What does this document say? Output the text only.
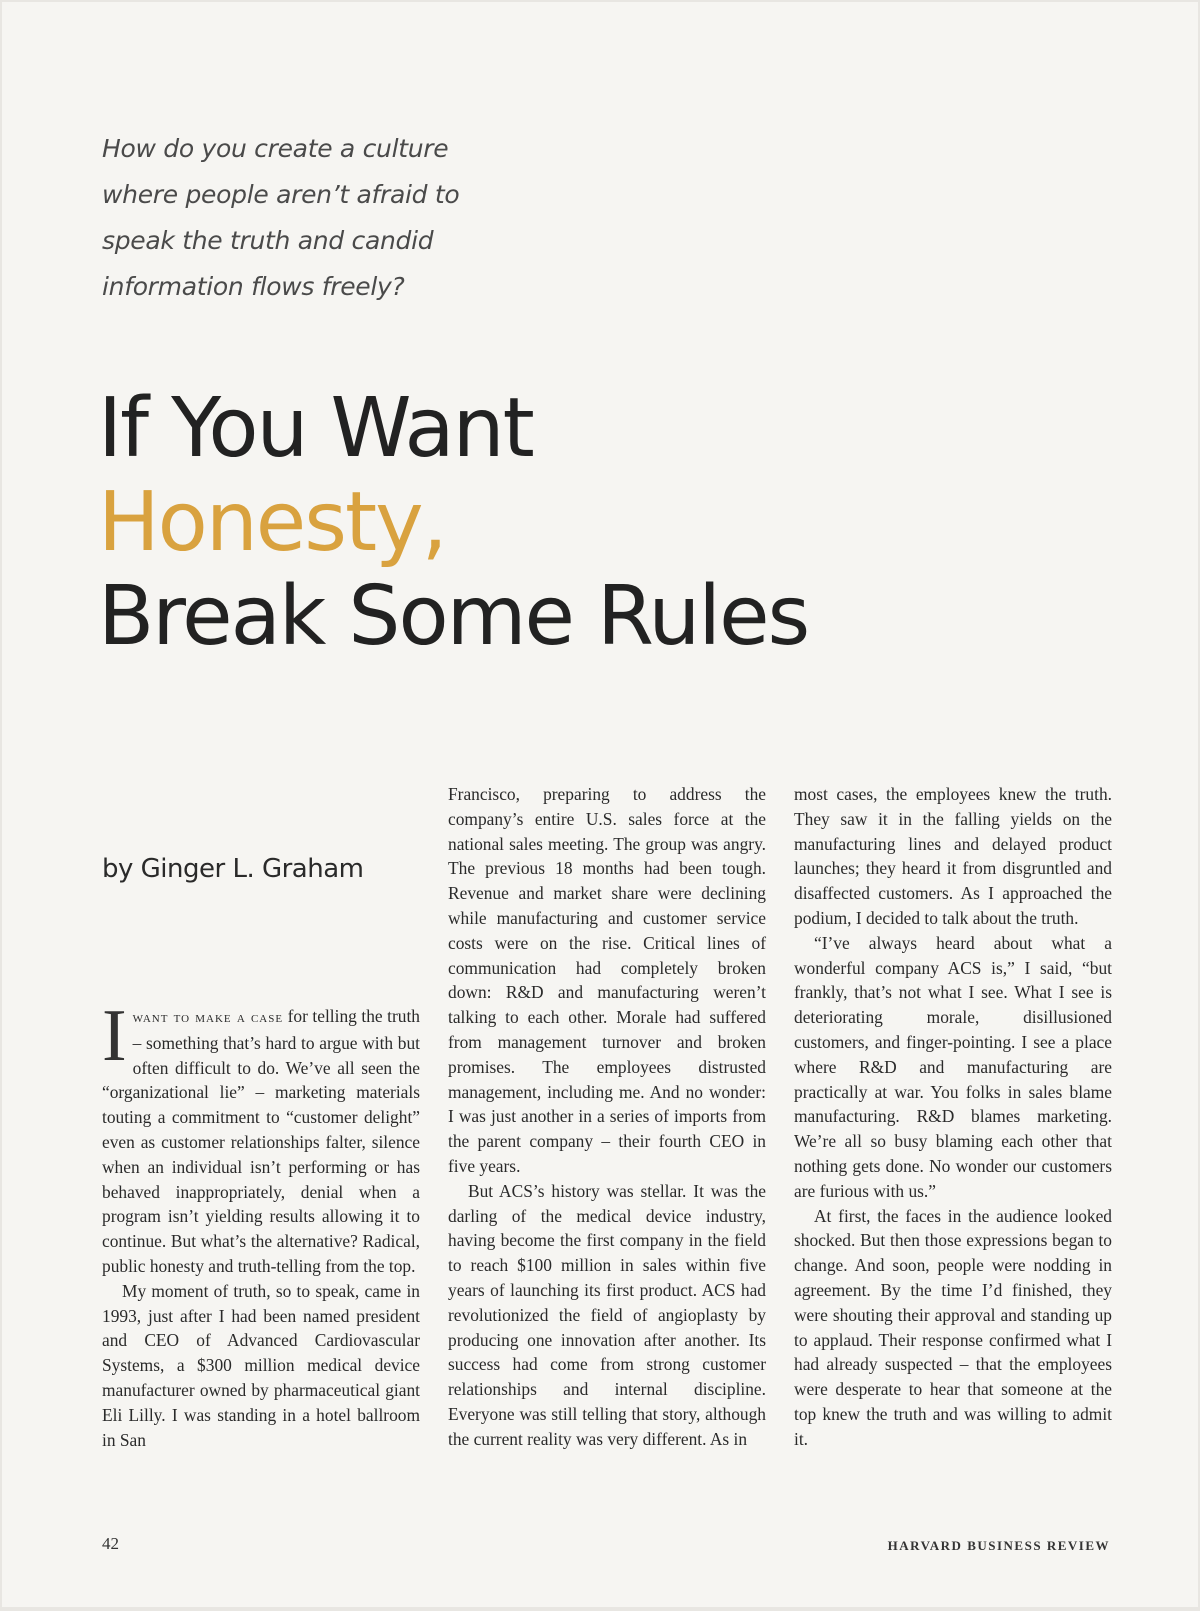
How do you create a culture
where people aren’t afraid to
speak the truth and candid
information flows freely?
If You Want
Honesty,
Break Some Rules
by Ginger L. Graham

Iwant to make a case for telling the truth – something that’s hard to argue with but often difficult to do. We’ve all seen the “organizational lie” – marketing materials touting a commitment to “customer delight” even as customer relationships falter, silence when an individual isn’t performing or has behaved inappropriately, denial when a program isn’t yielding results allowing it to continue. But what’s the alternative? Radical, public honesty and truth-telling from the top.

My moment of truth, so to speak, came in 1993, just after I had been named president and CEO of Advanced Cardiovascular Systems, a $300 million medical device manufacturer owned by pharmaceutical giant Eli Lilly. I was standing in a hotel ballroom in San

Francisco, preparing to address the company’s entire U.S. sales force at the national sales meeting. The group was angry. The previous 18 months had been tough. Revenue and market share were declining while manufacturing and customer service costs were on the rise. Critical lines of communication had completely broken down: R&D and manufacturing weren’t talking to each other. Morale had suffered from management turnover and broken promises. The employees distrusted management, including me. And no wonder: I was just another in a series of imports from the parent company – their fourth CEO in five years.

But ACS’s history was stellar. It was the darling of the medical device industry, having become the first company in the field to reach $100 million in sales within five years of launching its first product. ACS had revolutionized the field of angioplasty by producing one innovation after another. Its success had come from strong customer relationships and internal discipline. Everyone was still telling that story, although the current reality was very different. As in

most cases, the employees knew the truth. They saw it in the falling yields on the manufacturing lines and delayed product launches; they heard it from disgruntled and disaffected customers. As I approached the podium, I decided to talk about the truth.

“I’ve always heard about what a wonderful company ACS is,” I said, “but frankly, that’s not what I see. What I see is deteriorating morale, disillusioned customers, and finger-pointing. I see a place where R&D and manufacturing are practically at war. You folks in sales blame manufacturing. R&D blames marketing. We’re all so busy blaming each other that nothing gets done. No wonder our customers are furious with us.”

At first, the faces in the audience looked shocked. But then those expressions began to change. And soon, people were nodding in agreement. By the time I’d finished, they were shouting their approval and standing up to applaud. Their response confirmed what I had already suspected – that the employees were desperate to hear that someone at the top knew the truth and was willing to admit it.

42	HARVARD BUSINESS REVIEW
